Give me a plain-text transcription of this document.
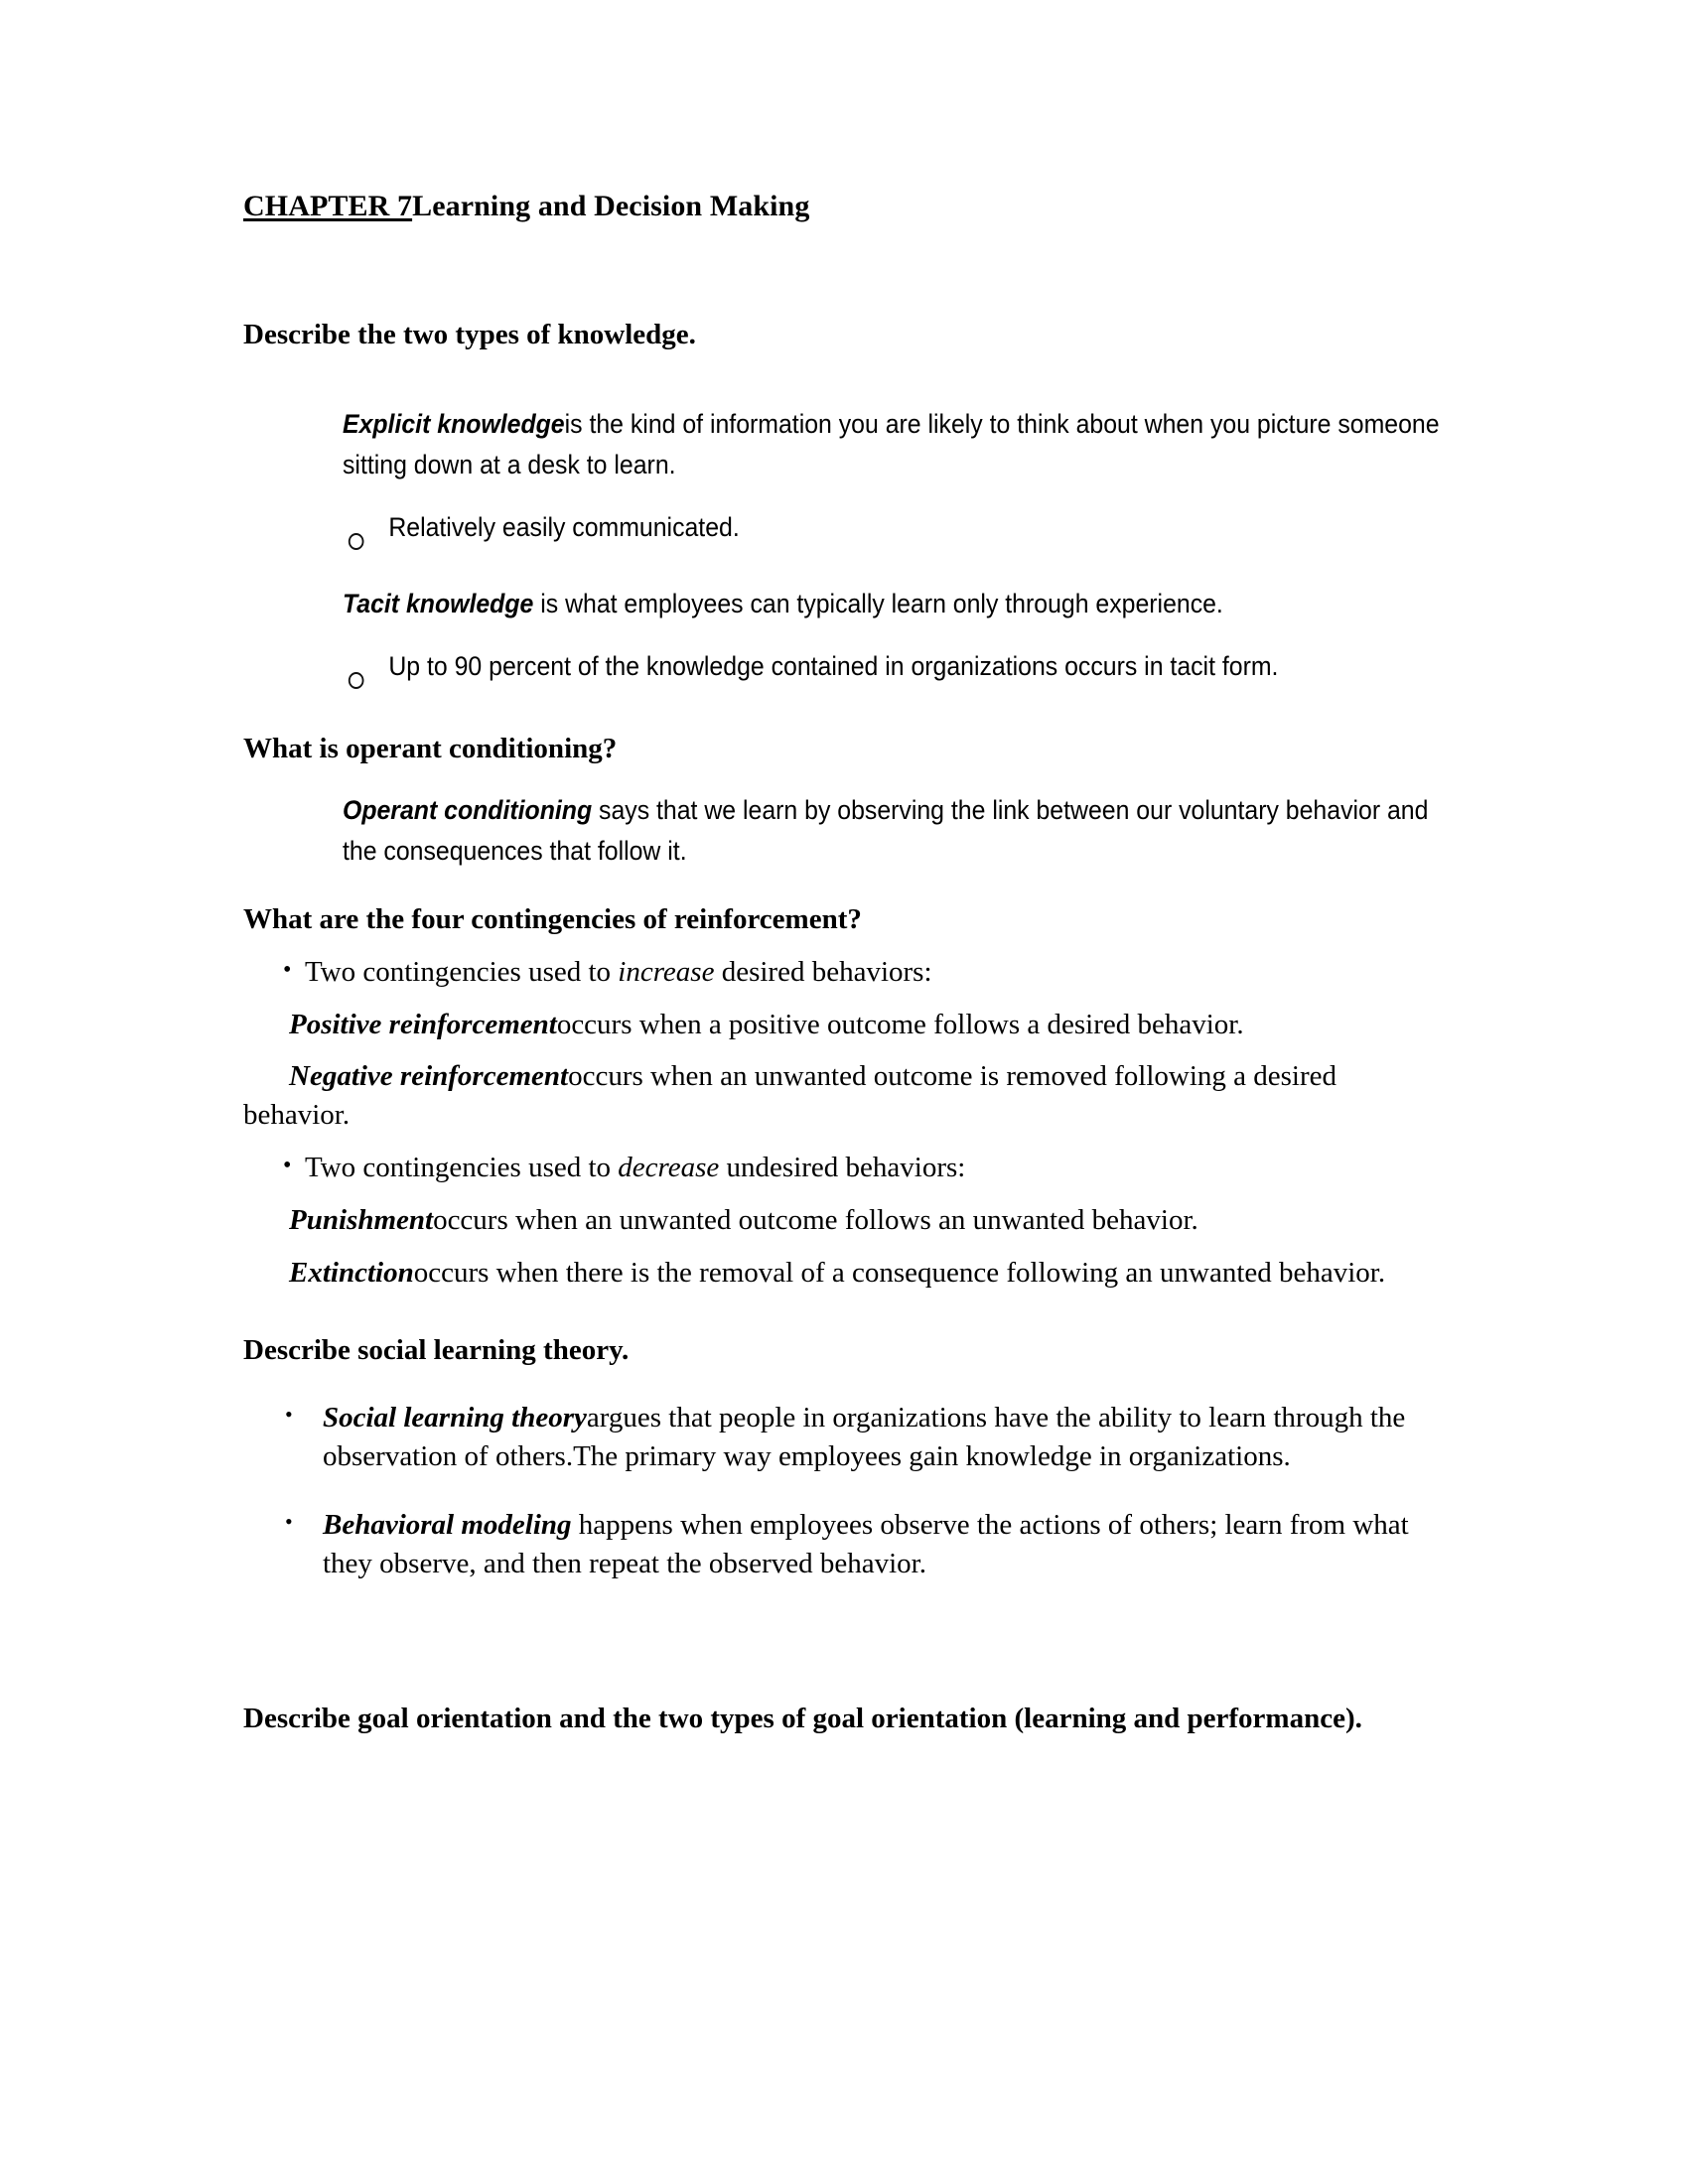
CHAPTER 7Learning and Decision Making
Describe the two types of knowledge.
Explicit knowledgeis the kind of information you are likely to think about when you picture someone sitting down at a desk to learn.
Relatively easily communicated.
Tacit knowledge is what employees can typically learn only through experience.
Up to 90 percent of the knowledge contained in organizations occurs in tacit form.
What is operant conditioning?
Operant conditioning says that we learn by observing the link between our voluntary behavior and the consequences that follow it.
What are the four contingencies of reinforcement?
• Two contingencies used to increase desired behaviors:
Positive reinforcementoccurs when a positive outcome follows a desired behavior.
Negative reinforcementoccurs when an unwanted outcome is removed following a desired behavior.
• Two contingencies used to decrease undesired behaviors:
Punishmentoccurs when an unwanted outcome follows an unwanted behavior.
Extinctionoccurs when there is the removal of a consequence following an unwanted behavior.
Describe social learning theory.
•	Social learning theoryargues that people in organizations have the ability to learn through the observation of others.The primary way employees gain knowledge in organizations.
•	Behavioral modeling happens when employees observe the actions of others; learn from what they observe, and then repeat the observed behavior.
Describe goal orientation and the two types of goal orientation (learning and performance).
